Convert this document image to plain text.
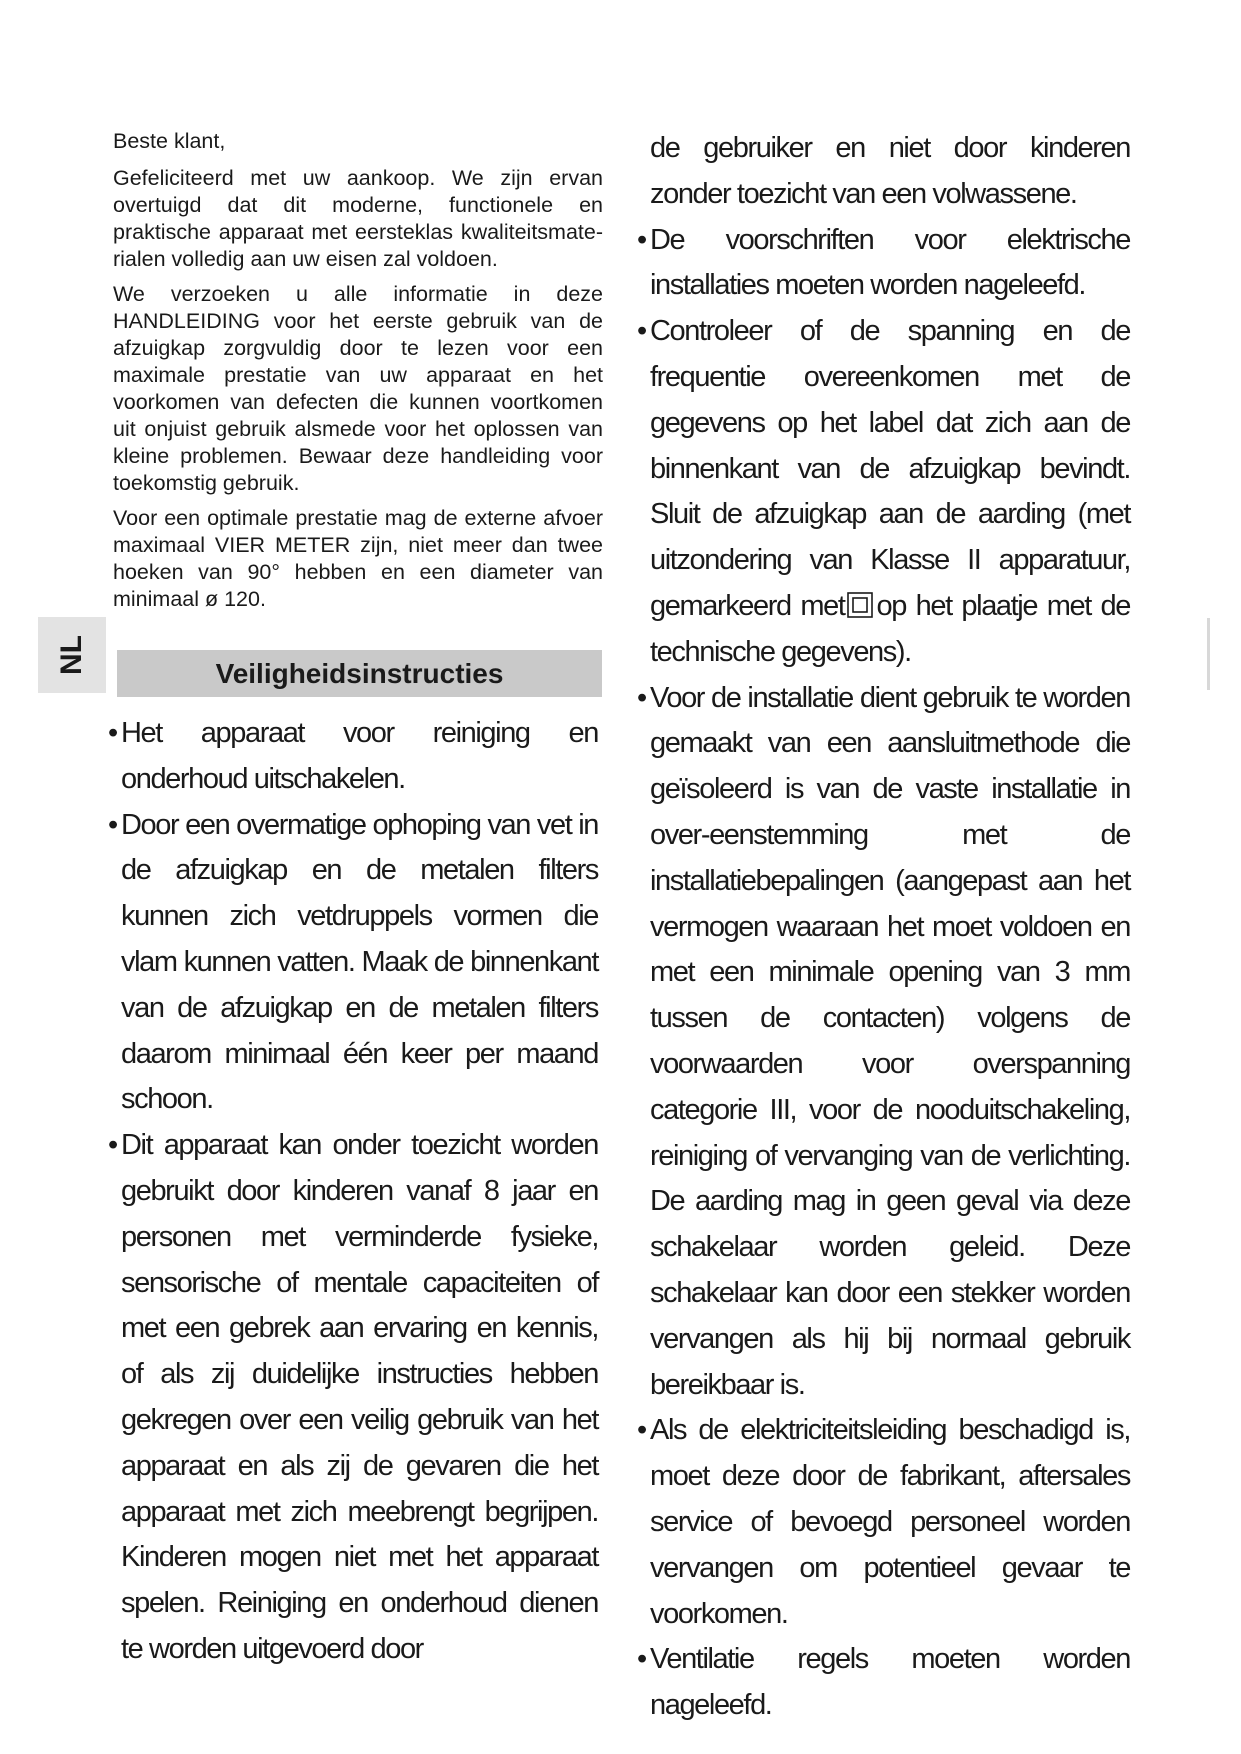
Beste klant,

Gefeliciteerd met uw aankoop. We zijn ervan overtuigd dat dit moderne, functionele en praktische apparaat met eersteklas kwaliteitsmate-rialen volledig aan uw eisen zal voldoen.

We verzoeken u alle informatie in deze HANDLEIDING voor het eerste gebruik van de afzuigkap zorgvuldig door te lezen voor een maximale prestatie van uw apparaat en het voorkomen van defecten die kunnen voortkomen uit onjuist gebruik alsmede voor het oplossen van kleine problemen. Bewaar deze handleiding voor toekomstig gebruik.

Voor een optimale prestatie mag de externe afvoer maximaal VIER METER zijn, niet meer dan twee hoeken van 90° hebben en een diameter van minimaal ø 120.

NL	Veiligheidsinstructies
• Het apparaat voor reiniging en onderhoud uitschakelen.
• Door een overmatige ophoping van vet in de afzuigkap en de metalen filters kunnen zich vetdruppels vormen die vlam kunnen vatten. Maak de binnenkant van de afzuigkap en de metalen filters daarom minimaal één keer per maand schoon.
• Dit apparaat kan onder toezicht worden gebruikt door kinderen vanaf 8 jaar en personen met verminderde fysieke, sensorische of mentale capaciteiten of met een gebrek aan ervaring en kennis, of als zij duidelijke instructies hebben gekregen over een veilig gebruik van het apparaat en als zij de gevaren die het apparaat met zich meebrengt begrijpen. Kinderen mogen niet met het apparaat spelen. Reiniging en onderhoud dienen te worden uitgevoerd door
de gebruiker en niet door kinderen zonder toezicht van een volwassene.
• De voorschriften voor elektrische installaties moeten worden nageleefd.
• Controleer of de spanning en de frequentie overeenkomen met de gegevens op het label dat zich aan de binnenkant van de afzuigkap bevindt. Sluit de afzuigkap aan de aarding (met uitzondering van Klasse II apparatuur, gemarkeerd met op het plaatje met de technische gegevens).
• Voor de installatie dient gebruik te worden gemaakt van een aansluitmethode die geïsoleerd is van de vaste installatie in over-eenstemming met de installatiebepalingen (aangepast aan het vermogen waaraan het moet voldoen en met een minimale opening van 3 mm tussen de contacten) volgens de voorwaarden voor overspanning categorie III, voor de nooduitschakeling, reiniging of vervanging van de verlichting. De aarding mag in geen geval via deze schakelaar worden geleid. Deze schakelaar kan door een stekker worden vervangen als hij bij normaal gebruik bereikbaar is.
• Als de elektriciteitsleiding beschadigd is, moet deze door de fabrikant, aftersales service of bevoegd personeel worden vervangen om potentieel gevaar te voorkomen.
• Ventilatie regels moeten worden nageleefd.
